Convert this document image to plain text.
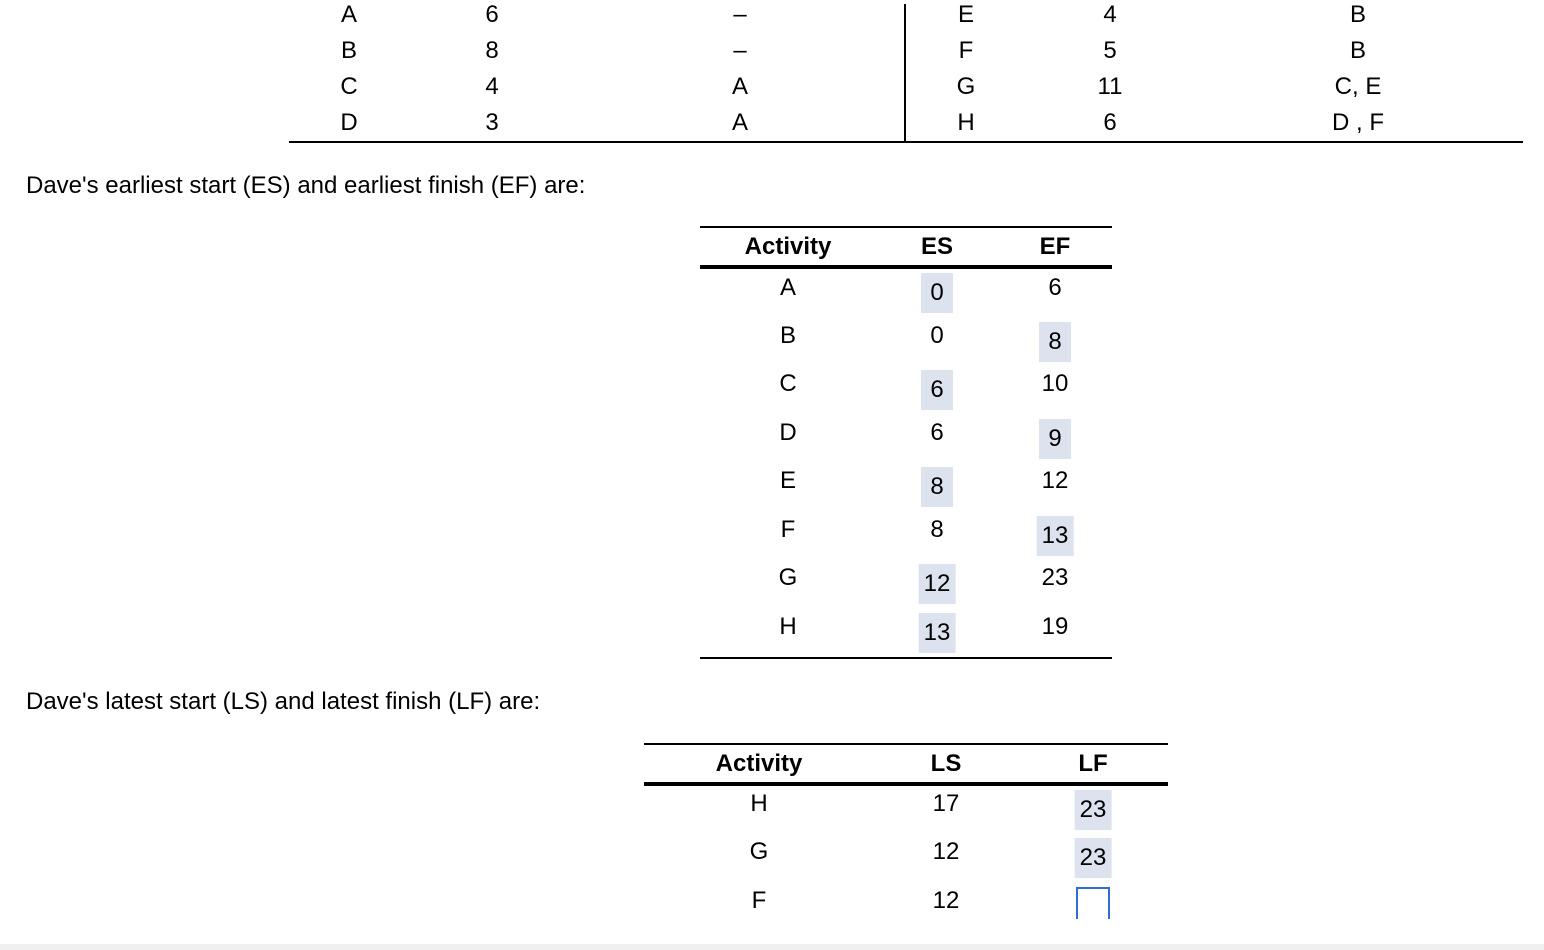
A	6	–
B	8	–
C	4	A
D	3	A
E	4	B
F	5	B
G	11	C, E
H	6	D , F
Dave's earliest start (ES) and earliest finish (EF) are:
Activity	ES	EF
A	0	6
B	0	8
C	6	10
D	6	9
E	8	12
F	8	13
G	12	23
H	13	19
Dave's latest start (LS) and latest finish (LF) are:
Activity	LS	LF
H	17	23
G	12	23
F	12
